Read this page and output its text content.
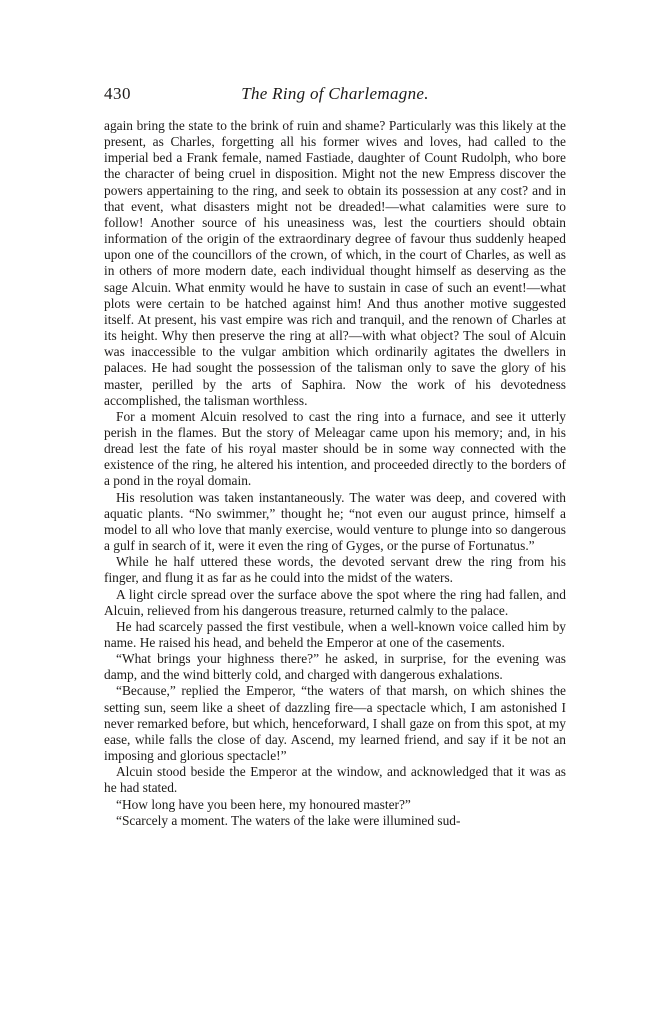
430	The Ring of Charlemagne.

again bring the state to the brink of ruin and shame? Particularly was this likely at the present, as Charles, forgetting all his former wives and loves, had called to the imperial bed a Frank female, named Fastiade, daughter of Count Rudolph, who bore the character of being cruel in disposition. Might not the new Empress discover the powers appertaining to the ring, and seek to obtain its possession at any cost? and in that event, what disasters might not be dreaded!—what calamities were sure to follow! Another source of his uneasiness was, lest the courtiers should obtain information of the origin of the extraordinary degree of favour thus suddenly heaped upon one of the councillors of the crown, of which, in the court of Charles, as well as in others of more modern date, each individual thought himself as deserving as the sage Alcuin. What enmity would he have to sustain in case of such an event!—what plots were certain to be hatched against him! And thus another motive suggested itself. At present, his vast empire was rich and tranquil, and the renown of Charles at its height. Why then preserve the ring at all?—with what object? The soul of Alcuin was inaccessible to the vulgar ambition which ordinarily agitates the dwellers in palaces. He had sought the possession of the talisman only to save the glory of his master, perilled by the arts of Saphira. Now the work of his devotedness accomplished, the talisman worthless.

For a moment Alcuin resolved to cast the ring into a furnace, and see it utterly perish in the flames. But the story of Meleagar came upon his memory; and, in his dread lest the fate of his royal master should be in some way connected with the existence of the ring, he altered his intention, and proceeded directly to the borders of a pond in the royal domain.

His resolution was taken instantaneously. The water was deep, and covered with aquatic plants. “No swimmer,” thought he; “not even our august prince, himself a model to all who love that manly exercise, would venture to plunge into so dangerous a gulf in search of it, were it even the ring of Gyges, or the purse of Fortunatus.”

While he half uttered these words, the devoted servant drew the ring from his finger, and flung it as far as he could into the midst of the waters.

A light circle spread over the surface above the spot where the ring had fallen, and Alcuin, relieved from his dangerous treasure, returned calmly to the palace.

He had scarcely passed the first vestibule, when a well-known voice called him by name. He raised his head, and beheld the Emperor at one of the casements.

“What brings your highness there?” he asked, in surprise, for the evening was damp, and the wind bitterly cold, and charged with dangerous exhalations.

“Because,” replied the Emperor, “the waters of that marsh, on which shines the setting sun, seem like a sheet of dazzling fire—a spectacle which, I am astonished I never remarked before, but which, henceforward, I shall gaze on from this spot, at my ease, while falls the close of day. Ascend, my learned friend, and say if it be not an imposing and glorious spectacle!”

Alcuin stood beside the Emperor at the window, and acknowledged that it was as he had stated.

“How long have you been here, my honoured master?”

“Scarcely a moment. The waters of the lake were illumined sud-
